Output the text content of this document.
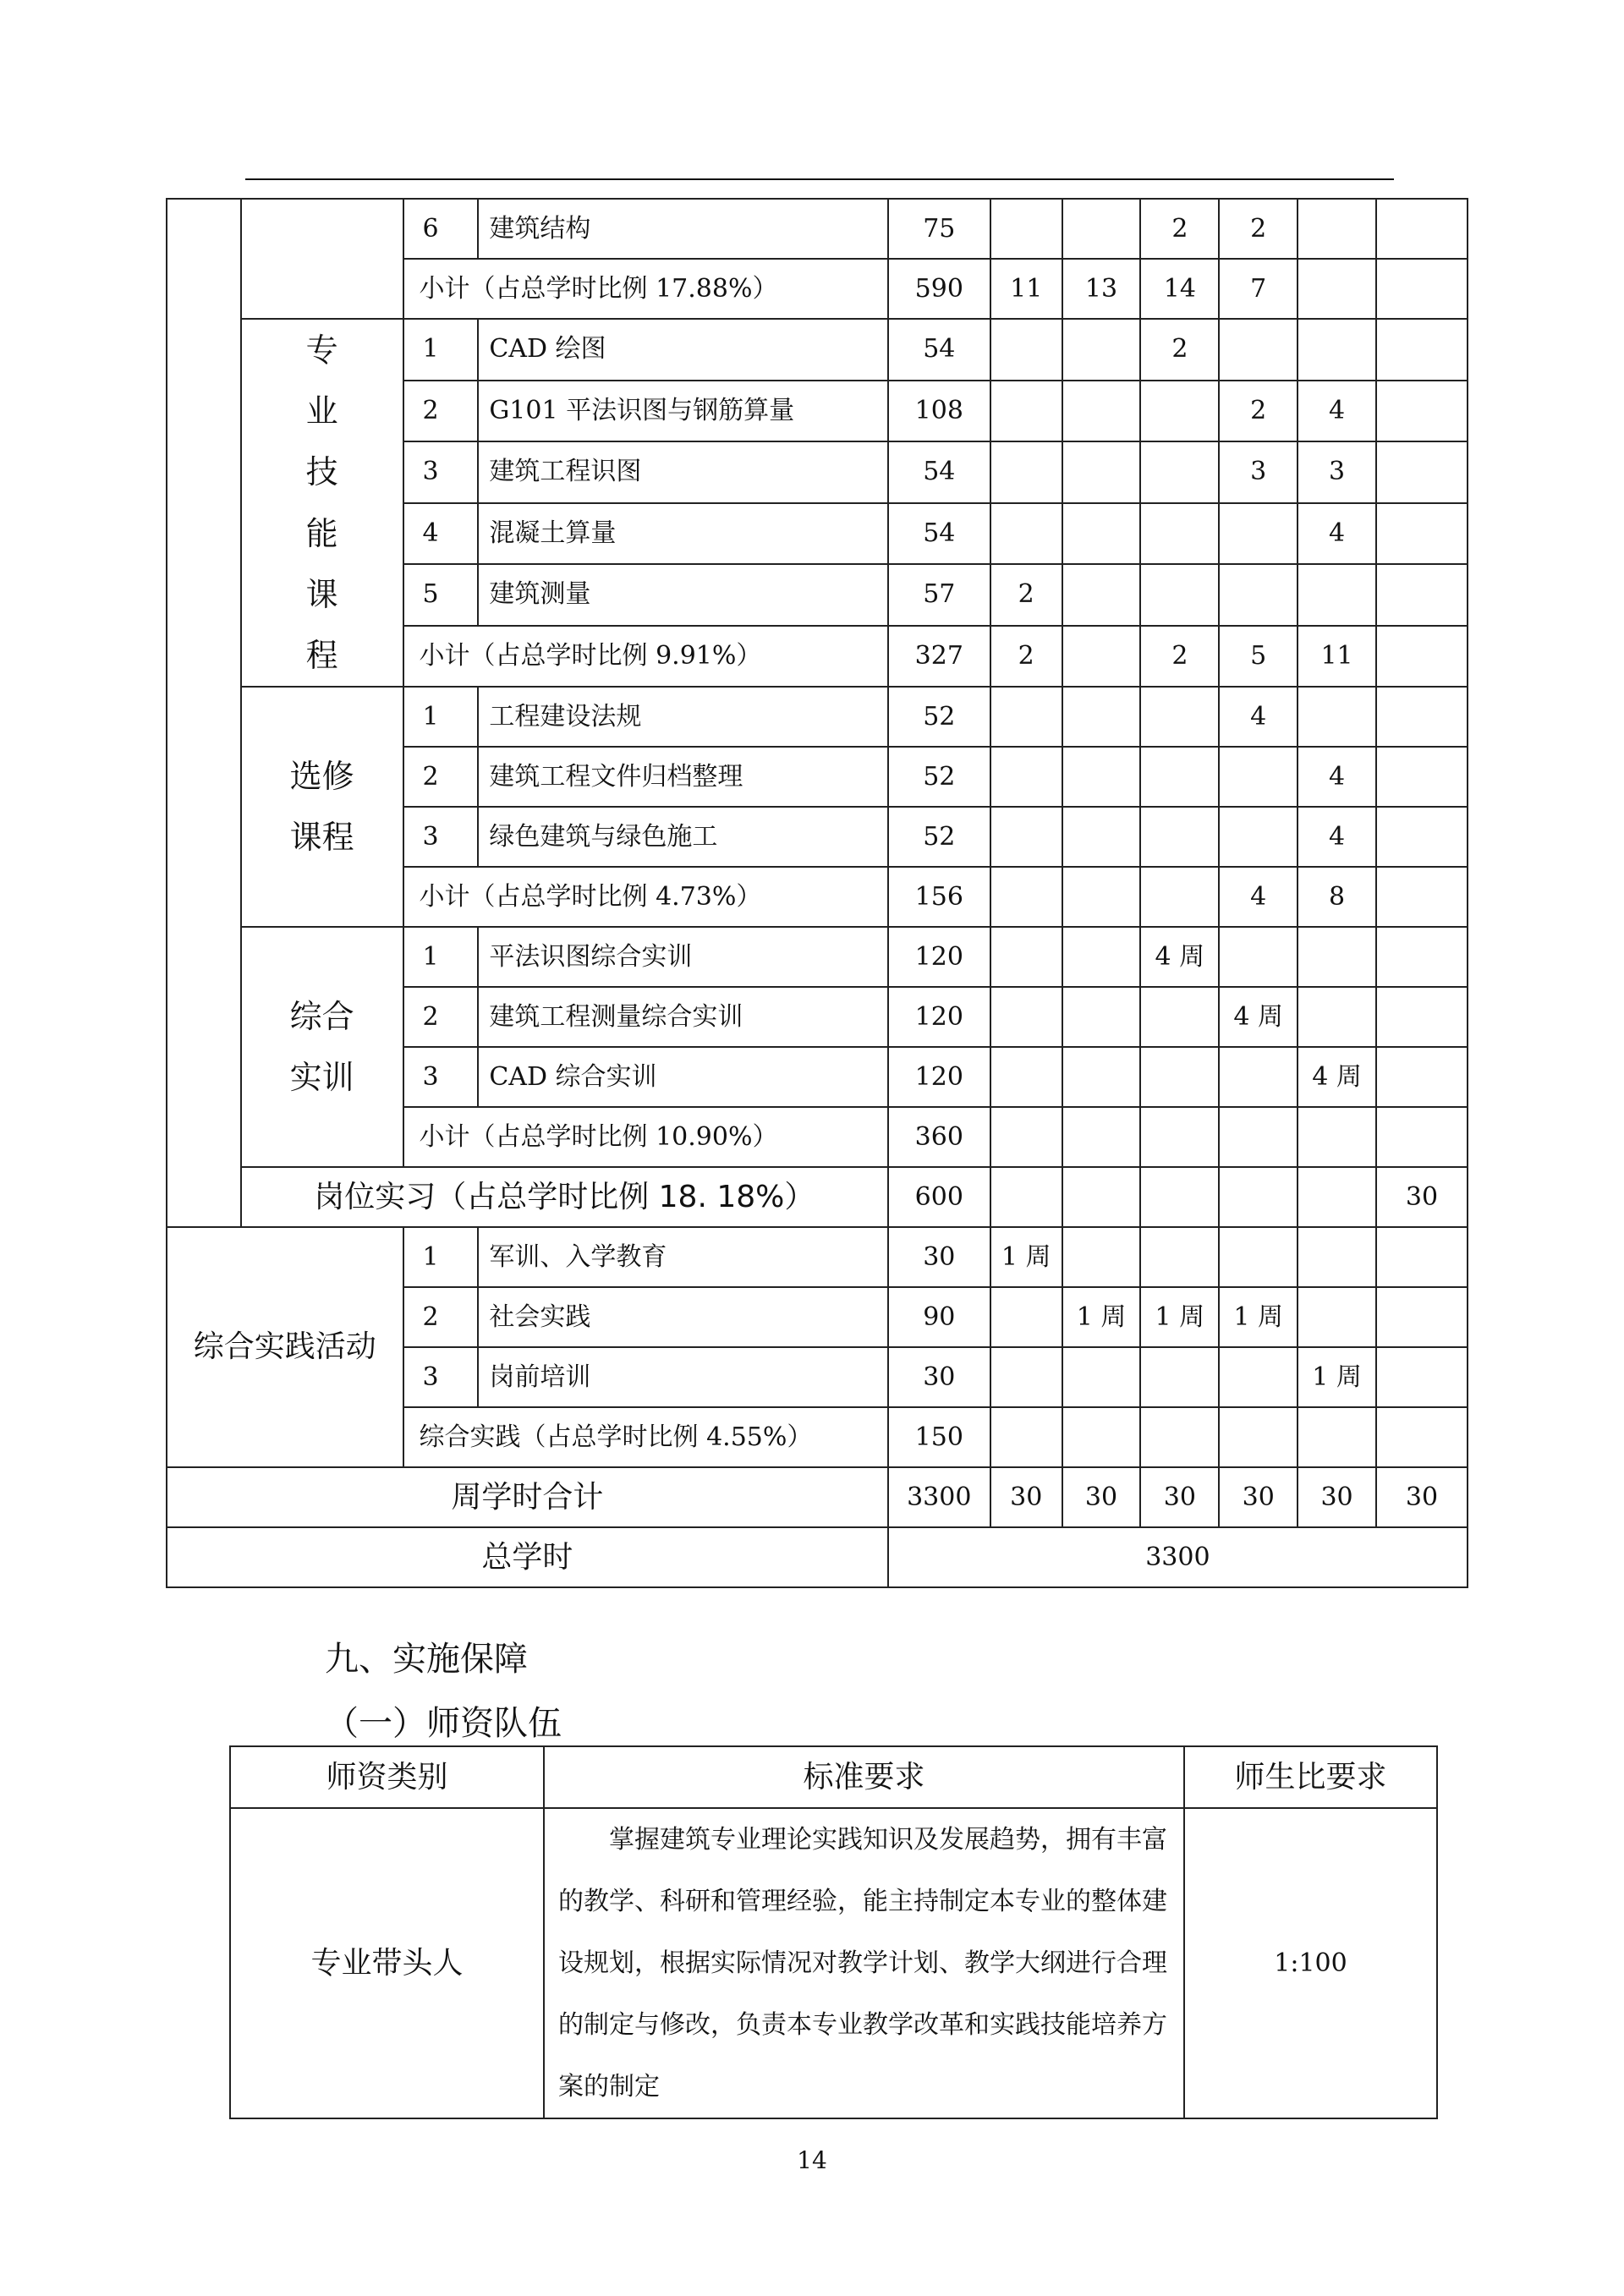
		6	建筑结构	75			2	2		
		小计（占总学时比例 17.88%）		590	11	13	14	7		
	专业技能课程	1	CAD 绘图	54			2			
		2	G101 平法识图与钢筋算量	108				2	4	
		3	建筑工程识图	54				3	3	
		4	混凝土算量	54					4	
		5	建筑测量	57	2					
		小计（占总学时比例 9.91%）		327	2		2	5	11	
	选修课程	1	工程建设法规	52				4		
		2	建筑工程文件归档整理	52					4	
		3	绿色建筑与绿色施工	52					4	
		小计（占总学时比例 4.73%）		156				4	8	
	综合实训	1	平法识图综合实训	120			4 周			
		2	建筑工程测量综合实训	120				4 周		
		3	CAD 综合实训	120					4 周	
		小计（占总学时比例 10.90%）		360						
	岗位实习（占总学时比例 18. 18%）			600						30
综合实践活动		1	军训、入学教育	30	1 周					
		2	社会实践	90		1 周	1 周	1 周		
		3	岗前培训	30					1 周	
		综合实践（占总学时比例 4.55%）		150						
周学时合计				3300	30	30	30	30	30	30
总学时				3300						
九、实施保障
（一）师资队伍
师资类别	标准要求	师生比要求
专业带头人	掌握建筑专业理论实践知识及发展趋势，拥有丰富的教学、科研和管理经验，能主持制定本专业的整体建设规划，根据实际情况对教学计划、教学大纲进行合理的制定与修改，负责本专业教学改革和实践技能培养方案的制定	1:100
14
